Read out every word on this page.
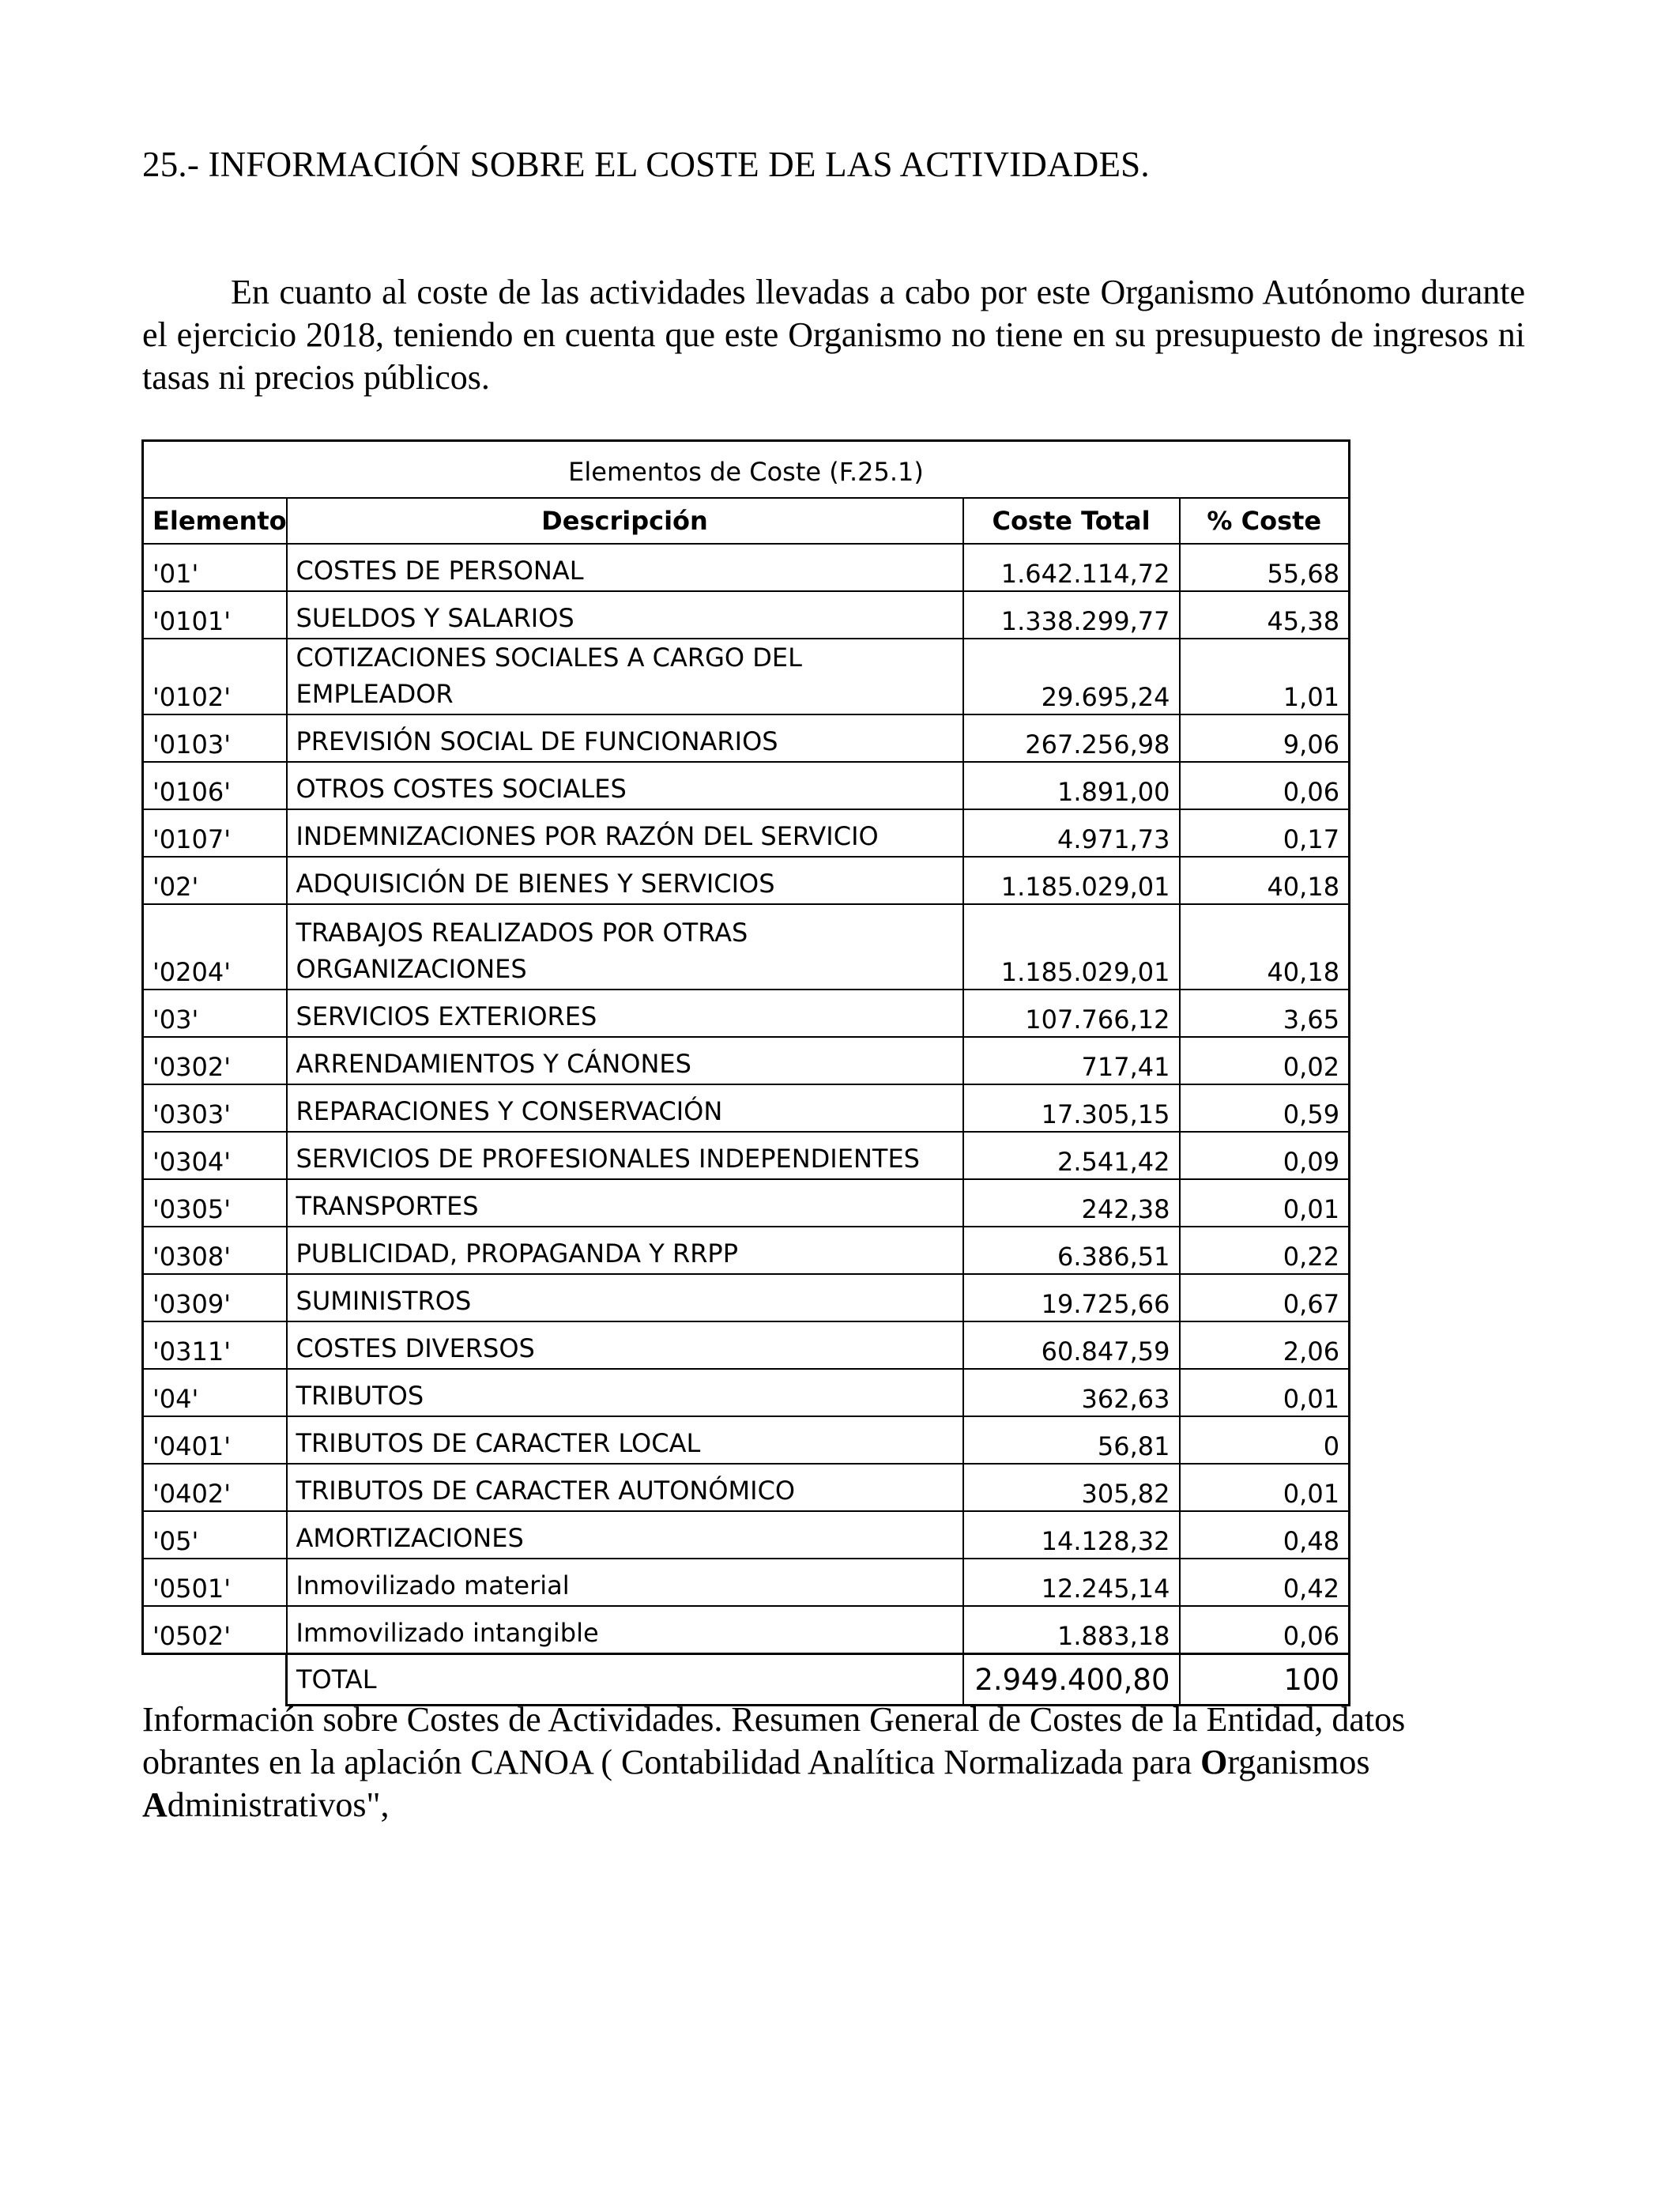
25.- INFORMACIÓN SOBRE EL COSTE DE LAS ACTIVIDADES.

En cuanto al coste de las actividades llevadas a cabo por este Organismo Autónomo durante el ejercicio 2018, teniendo en cuenta que este Organismo no tiene en su presupuesto de ingresos ni tasas ni precios públicos.

Elementos de Coste (F.25.1)			
Elemento	Descripción	Coste Total	% Coste
'01'	COSTES DE PERSONAL	1.642.114,72	55,68
'0101'	SUELDOS Y SALARIOS	1.338.299,77	45,38
'0102'	COTIZACIONES SOCIALES A CARGO DEL EMPLEADOR	29.695,24	1,01
'0103'	PREVISIÓN SOCIAL DE FUNCIONARIOS	267.256,98	9,06
'0106'	OTROS COSTES SOCIALES	1.891,00	0,06
'0107'	INDEMNIZACIONES POR RAZÓN DEL SERVICIO	4.971,73	0,17
'02'	ADQUISICIÓN DE BIENES Y SERVICIOS	1.185.029,01	40,18
'0204'	TRABAJOS REALIZADOS POR OTRAS ORGANIZACIONES	1.185.029,01	40,18
'03'	SERVICIOS EXTERIORES	107.766,12	3,65
'0302'	ARRENDAMIENTOS Y CÁNONES	717,41	0,02
'0303'	REPARACIONES Y CONSERVACIÓN	17.305,15	0,59
'0304'	SERVICIOS DE PROFESIONALES INDEPENDIENTES	2.541,42	0,09
'0305'	TRANSPORTES	242,38	0,01
'0308'	PUBLICIDAD, PROPAGANDA Y RRPP	6.386,51	0,22
'0309'	SUMINISTROS	19.725,66	0,67
'0311'	COSTES DIVERSOS	60.847,59	2,06
'04'	TRIBUTOS	362,63	0,01
'0401'	TRIBUTOS DE CARACTER LOCAL	56,81	0
'0402'	TRIBUTOS DE CARACTER AUTONÓMICO	305,82	0,01
'05'	AMORTIZACIONES	14.128,32	0,48
'0501'	Inmovilizado material	12.245,14	0,42
'0502'	Immovilizado intangible	1.883,18	0,06
	TOTAL	2.949.400,80	100

Información sobre Costes de Actividades. Resumen General de Costes de la Entidad, datos obrantes en la aplación CANOA ( Contabilidad Analítica Normalizada para Organismos Administrativos",
